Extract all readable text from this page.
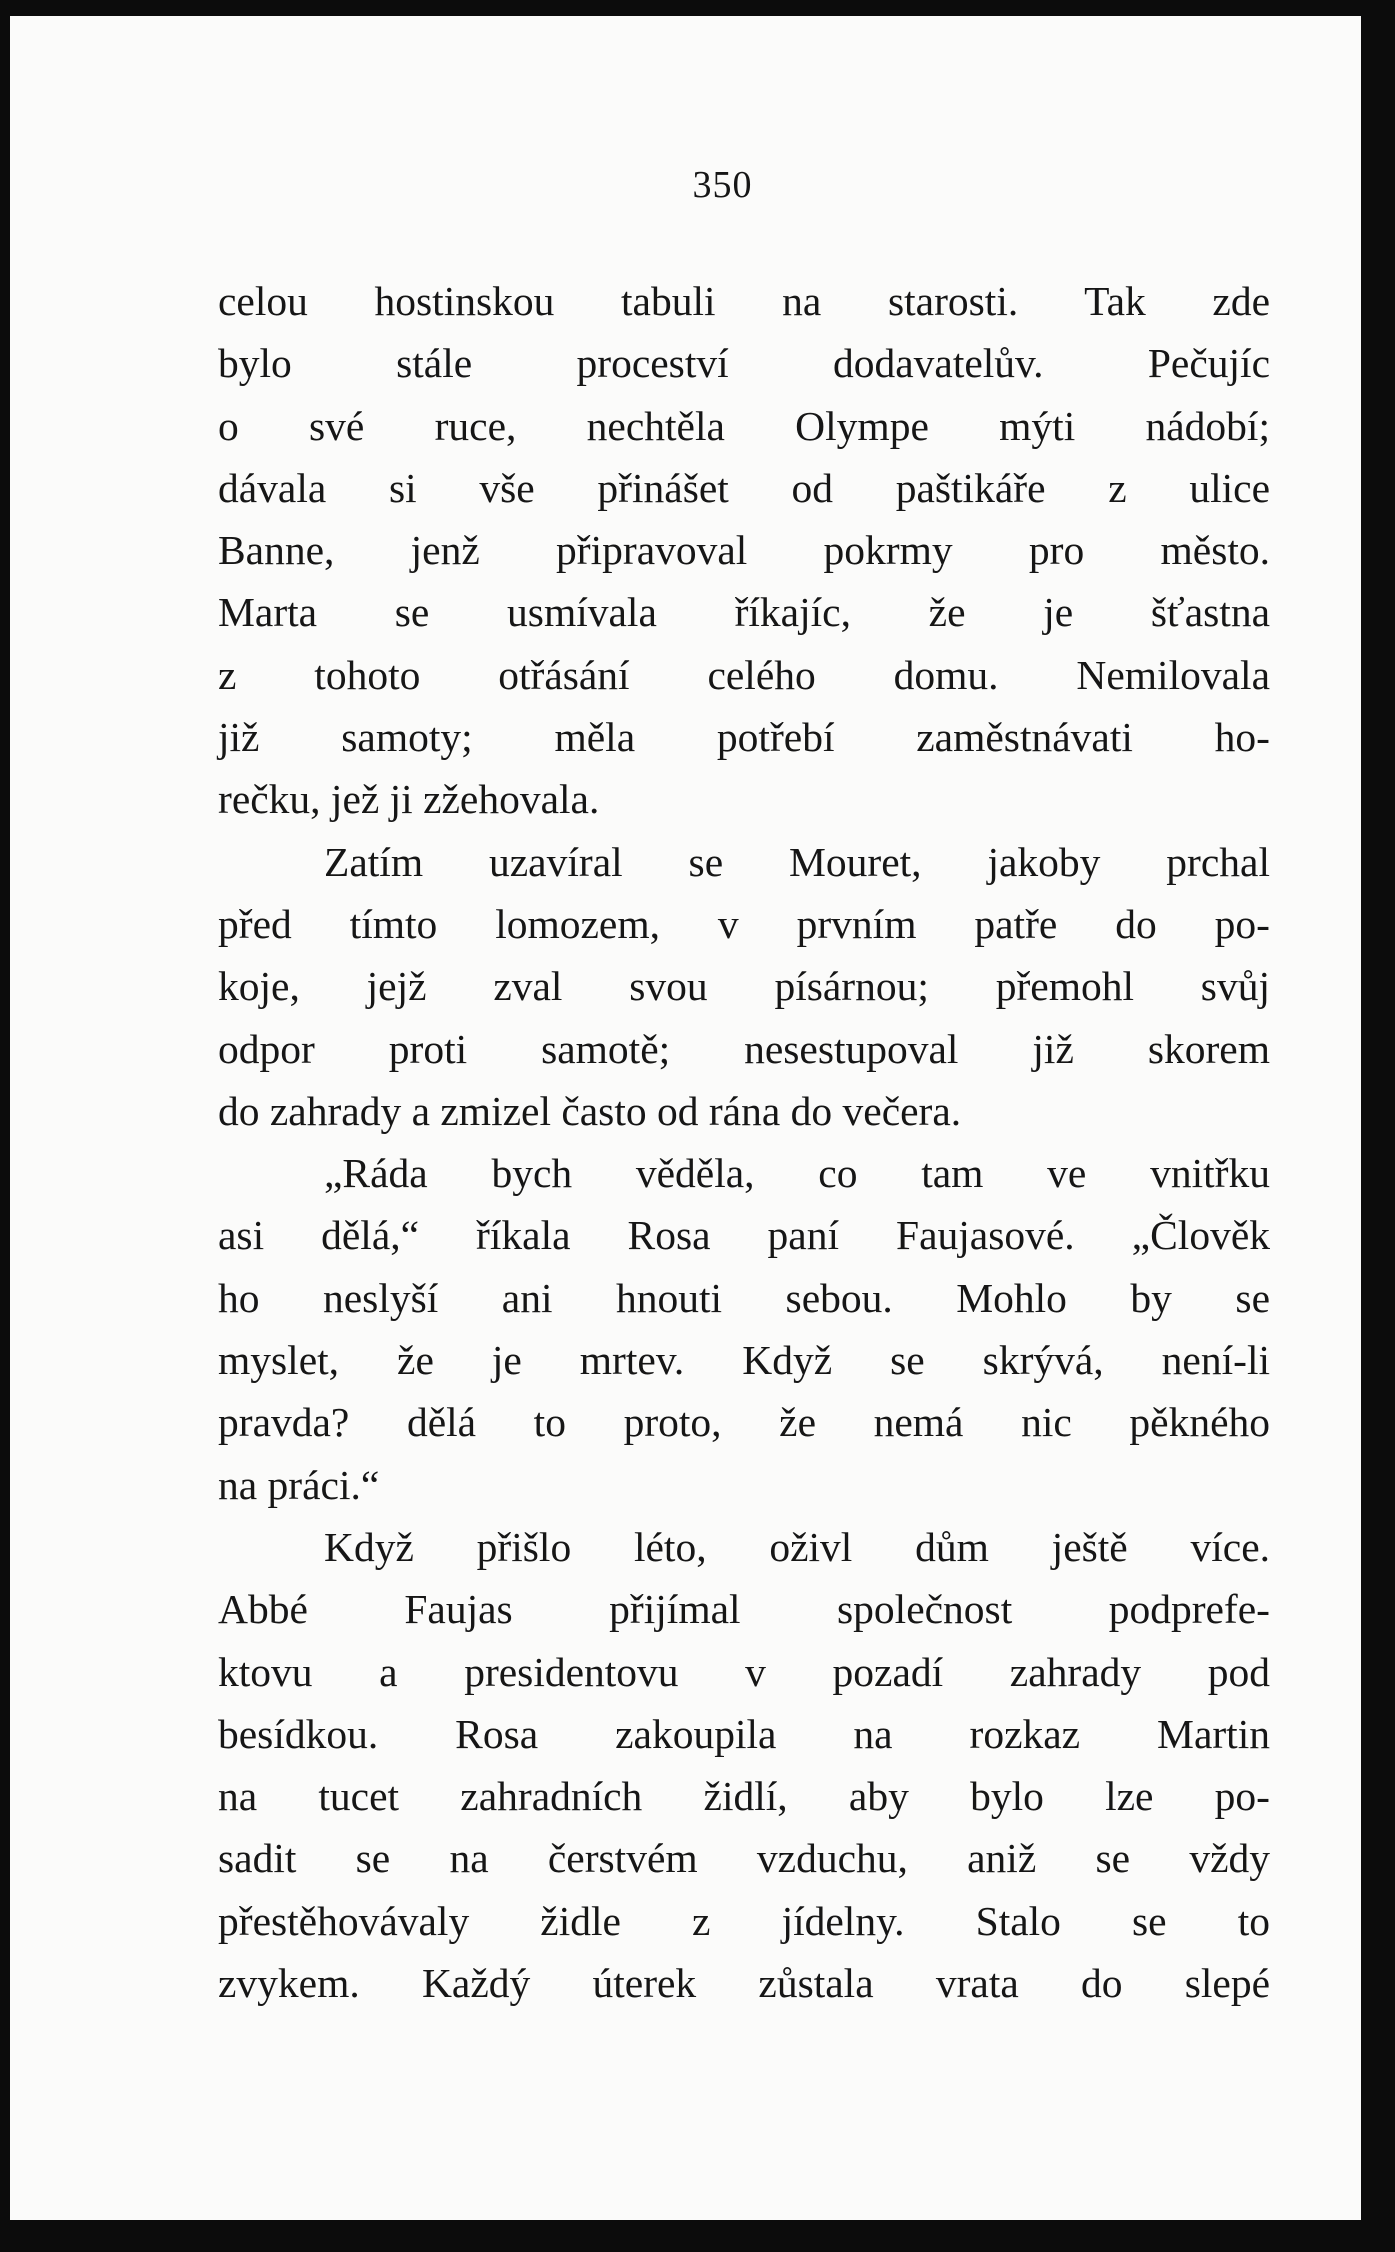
350
celou hostinskou tabuli na starosti. Tak zde
bylo stále proceství dodavatelův. Pečujíc
o své ruce, nechtěla Olympe mýti nádobí;
dávala si vše přinášet od paštikáře z ulice
Banne, jenž připravoval pokrmy pro město.
Marta se usmívala říkajíc, že je šťastna
z tohoto otřásání celého domu. Nemilovala
již samoty; měla potřebí zaměstnávati ho-
rečku, jež ji zžehovala.
Zatím uzavíral se Mouret, jakoby prchal
před tímto lomozem, v prvním patře do po-
koje, jejž zval svou písárnou; přemohl svůj
odpor proti samotě; nesestupoval již skorem
do zahrady a zmizel často od rána do večera.
„Ráda bych věděla, co tam ve vnitřku
asi dělá,“ říkala Rosa paní Faujasové. „Člověk
ho neslyší ani hnouti sebou. Mohlo by se
myslet, že je mrtev. Když se skrývá, není-li
pravda? dělá to proto, že nemá nic pěkného
na práci.“
Když přišlo léto, oživl dům ještě více.
Abbé Faujas přijímal společnost podprefe-
ktovu a presidentovu v pozadí zahrady pod
besídkou. Rosa zakoupila na rozkaz Martin
na tucet zahradních židlí, aby bylo lze po-
sadit se na čerstvém vzduchu, aniž se vždy
přestěhovávaly židle z jídelny. Stalo se to
zvykem. Každý úterek zůstala vrata do slepé
